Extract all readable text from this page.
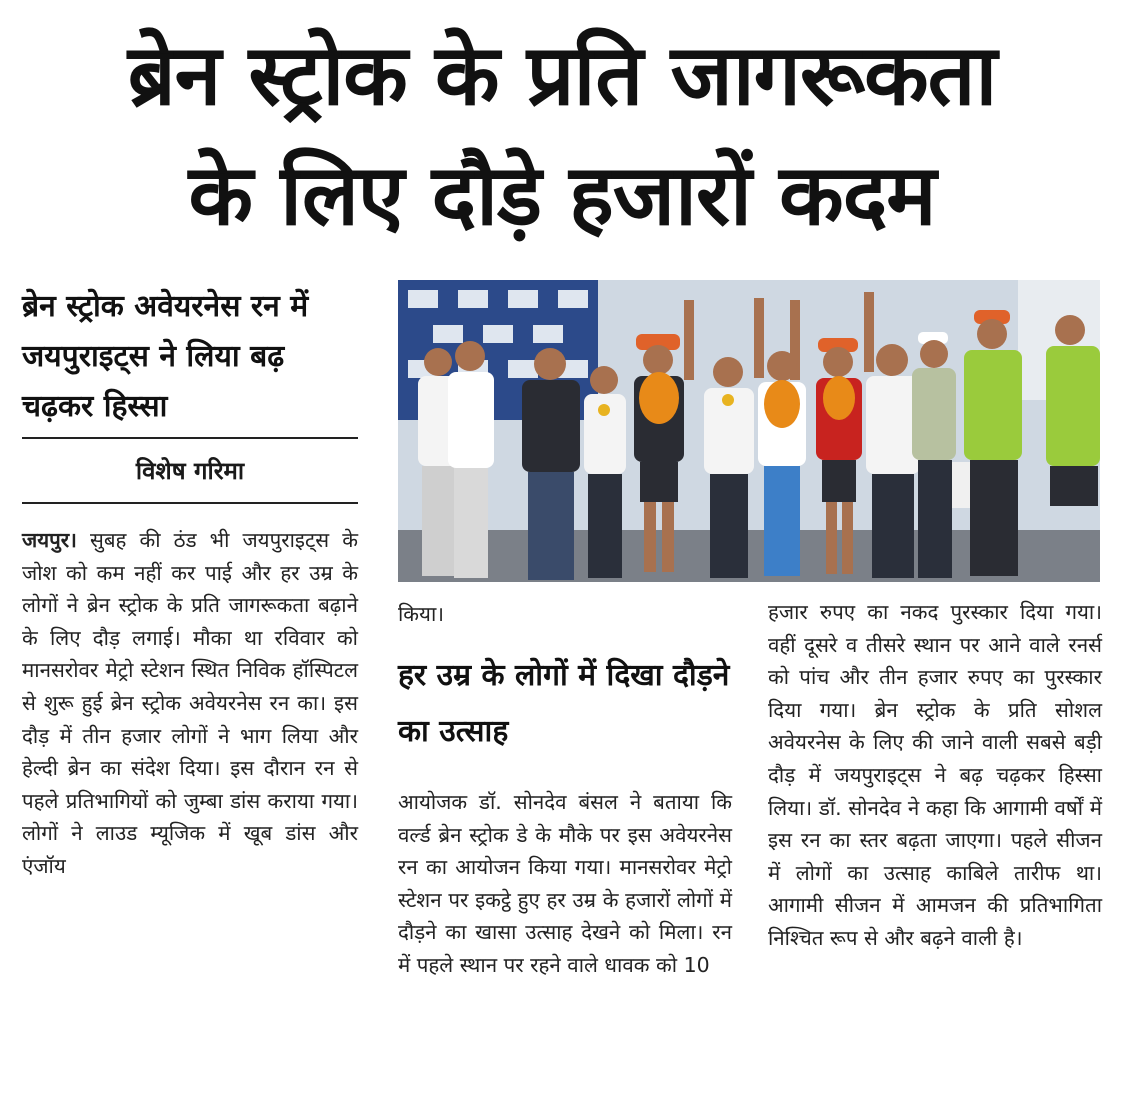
ब्रेन स्ट्रोक के प्रति जागरूकता
के लिए दौड़े हजारों कदम
ब्रेन स्ट्रोक अवेयरनेस रन में जयपुराइट्स ने लिया बढ़ चढ़कर हिस्सा
विशेष गरिमा
जयपुर। सुबह की ठंड भी जयपुराइट्स के जोश को कम नहीं कर पाई और हर उम्र के लोगों ने ब्रेन स्ट्रोक के प्रति जागरूकता बढ़ाने के लिए दौड़ लगाई। मौका था रविवार को मानसरोवर मेट्रो स्टेशन स्थित निविक हॉस्पिटल से शुरू हुई ब्रेन स्ट्रोक अवेयरनेस रन का। इस दौड़ में तीन हजार लोगों ने भाग लिया और हेल्दी ब्रेन का संदेश दिया। इस दौरान रन से पहले प्रतिभागियों को जुम्बा डांस कराया गया। लोगों ने लाउड म्यूजिक में खूब डांस और एंजॉय
किया।
हर उम्र के लोगों में दिखा दौड़ने का उत्साह
आयोजक डॉ. सोनदेव बंसल ने बताया कि वर्ल्ड ब्रेन स्ट्रोक डे के मौके पर इस अवेयरनेस रन का आयोजन किया गया। मानसरोवर मेट्रो स्टेशन पर इकट्ठे हुए हर उम्र के हजारों लोगों में दौड़ने का खासा उत्साह देखने को मिला। रन में पहले स्थान पर रहने वाले धावक को 10
हजार रुपए का नकद पुरस्कार दिया गया। वहीं दूसरे व तीसरे स्थान पर आने वाले रनर्स को पांच और तीन हजार रुपए का पुरस्कार दिया गया। ब्रेन स्ट्रोक के प्रति सोशल अवेयरनेस के लिए की जाने वाली सबसे बड़ी दौड़ में जयपुराइट्स ने बढ़ चढ़कर हिस्सा लिया। डॉ. सोनदेव ने कहा कि आगामी वर्षों में इस रन का स्तर बढ़ता जाएगा। पहले सीजन में लोगों का उत्साह काबिले तारीफ था। आगामी सीजन में आमजन की प्रतिभागिता निश्चित रूप से और बढ़ने वाली है।
